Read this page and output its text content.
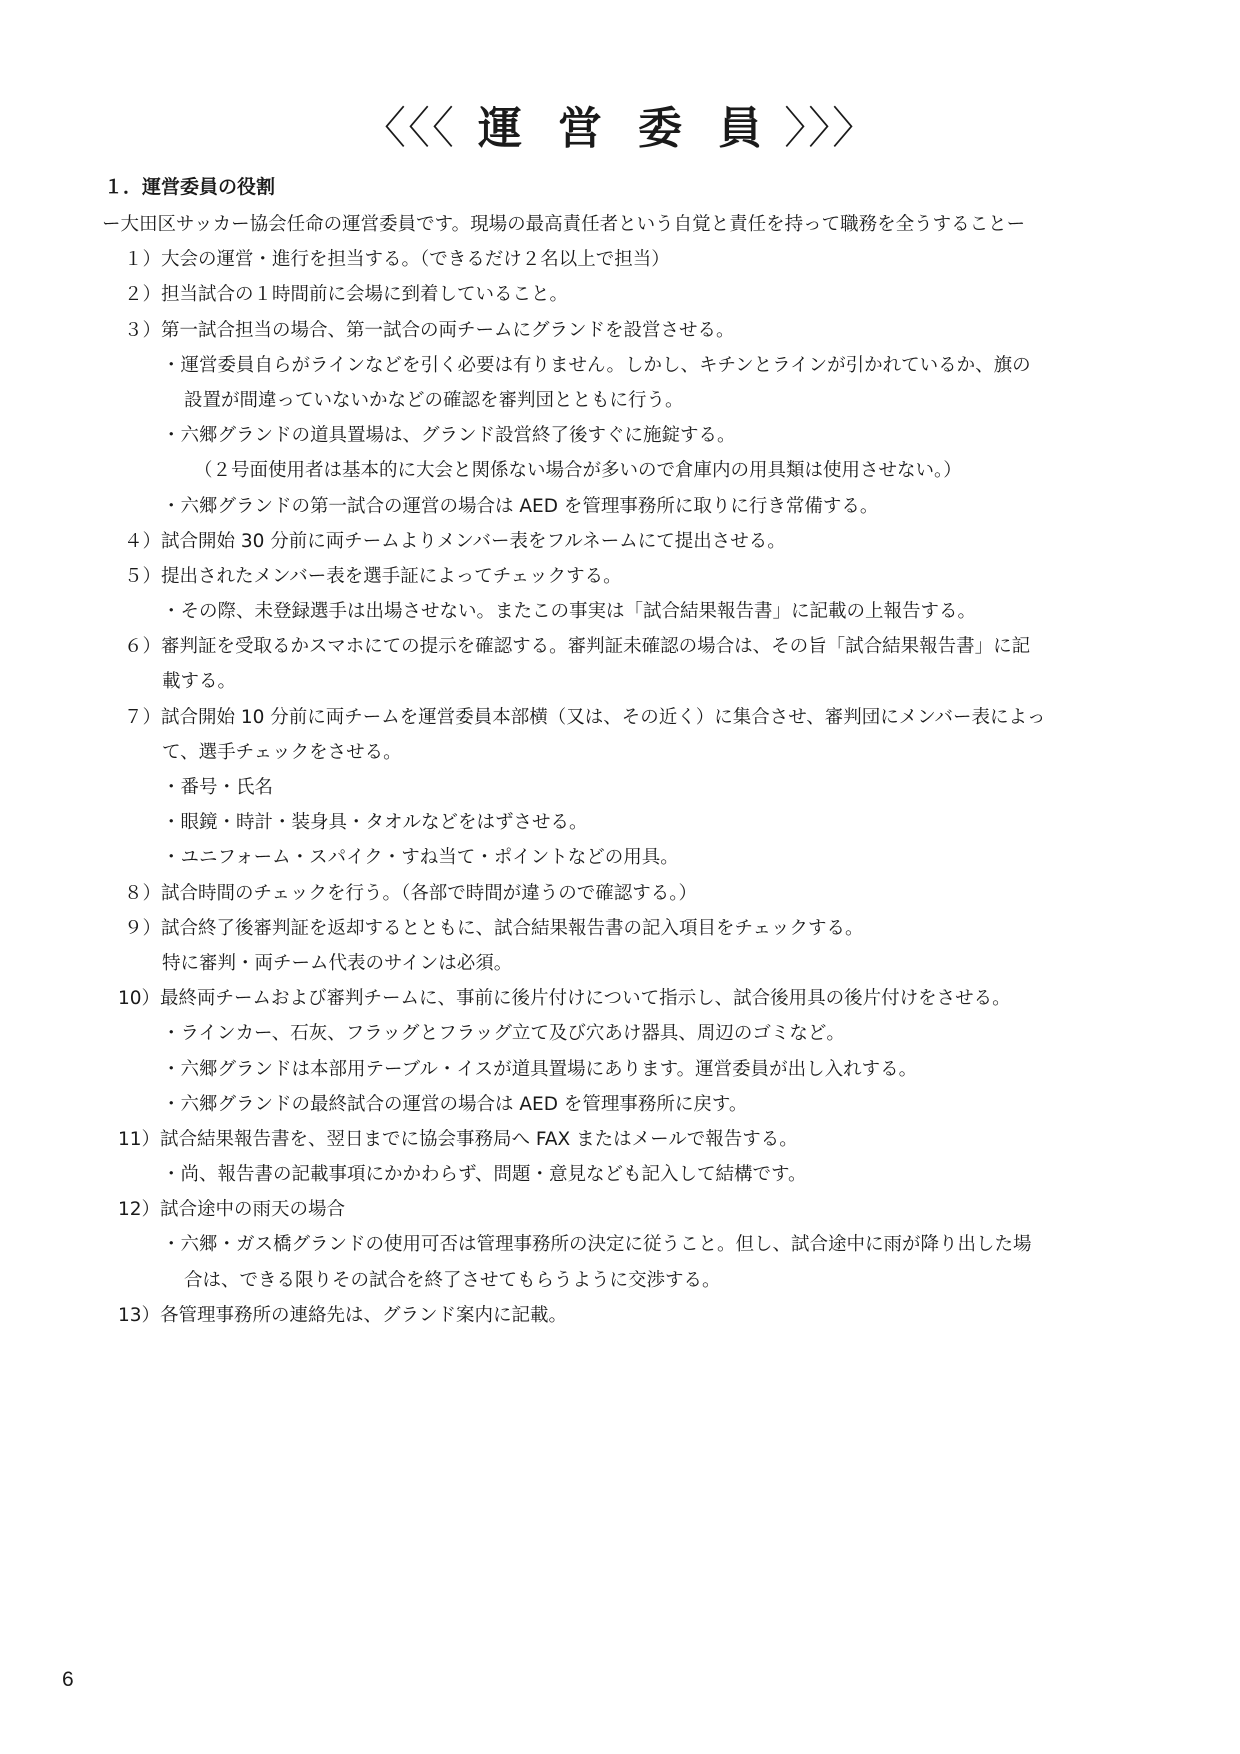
〈〈〈 運営委員〉〉〉
１．運営委員の役割
ー大田区サッカー協会任命の運営委員です。現場の最高責任者という自覚と責任を持って職務を全うすることー
１）大会の運営・進行を担当する。（できるだけ２名以上で担当）
２）担当試合の１時間前に会場に到着していること。
３）第一試合担当の場合、第一試合の両チームにグランドを設営させる。
・運営委員自らがラインなどを引く必要は有りません。しかし、キチンとラインが引かれているか、旗の
設置が間違っていないかなどの確認を審判団とともに行う。
・六郷グランドの道具置場は、グランド設営終了後すぐに施錠する。
（２号面使用者は基本的に大会と関係ない場合が多いので倉庫内の用具類は使用させない。）
・六郷グランドの第一試合の運営の場合は AED を管理事務所に取りに行き常備する。
４）試合開始 30 分前に両チームよりメンバー表をフルネームにて提出させる。
５）提出されたメンバー表を選手証によってチェックする。
・その際、未登録選手は出場させない。またこの事実は「試合結果報告書」に記載の上報告する。
６）審判証を受取るかスマホにての提示を確認する。審判証未確認の場合は、その旨「試合結果報告書」に記
載する。
７）試合開始 10 分前に両チームを運営委員本部横（又は、その近く）に集合させ、審判団にメンバー表によっ
て、選手チェックをさせる。
・番号・氏名
・眼鏡・時計・装身具・タオルなどをはずさせる。
・ユニフォーム・スパイク・すね当て・ポイントなどの用具。
８）試合時間のチェックを行う。（各部で時間が違うので確認する。）
９）試合終了後審判証を返却するとともに、試合結果報告書の記入項目をチェックする。
特に審判・両チーム代表のサインは必須。
10）最終両チームおよび審判チームに、事前に後片付けについて指示し、試合後用具の後片付けをさせる。
・ラインカー、石灰、フラッグとフラッグ立て及び穴あけ器具、周辺のゴミなど。
・六郷グランドは本部用テーブル・イスが道具置場にあります。運営委員が出し入れする。
・六郷グランドの最終試合の運営の場合は AED を管理事務所に戻す。
11）試合結果報告書を、翌日までに協会事務局へ FAX またはメールで報告する。
・尚、報告書の記載事項にかかわらず、問題・意見なども記入して結構です。
12）試合途中の雨天の場合
・六郷・ガス橋グランドの使用可否は管理事務所の決定に従うこと。但し、試合途中に雨が降り出した場
合は、できる限りその試合を終了させてもらうように交渉する。
13）各管理事務所の連絡先は、グランド案内に記載。
6
